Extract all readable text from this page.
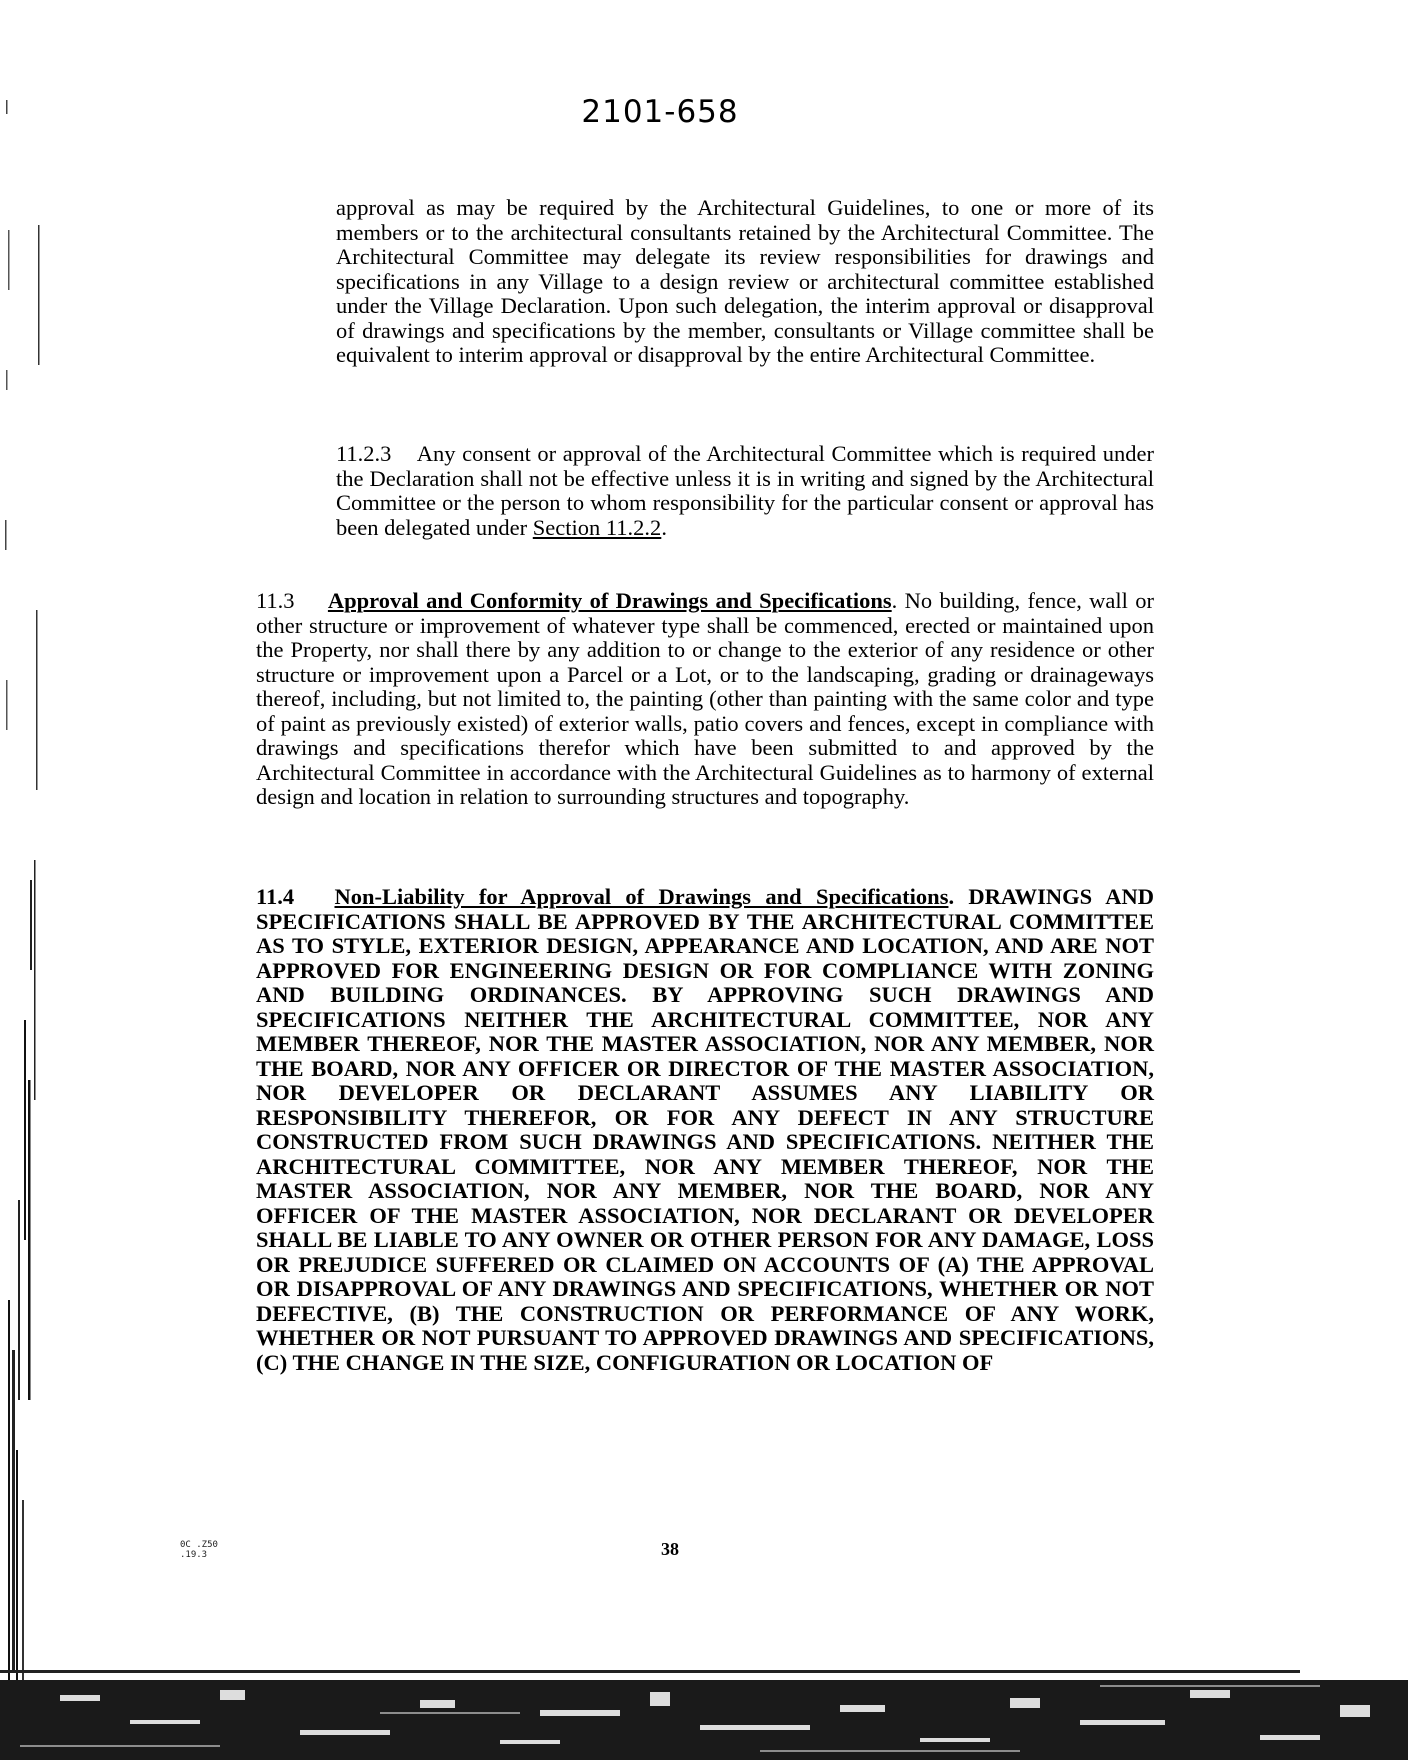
2101-658

approval as may be required by the Architectural Guidelines, to one or more of its members or to the architectural consultants retained by the Architectural Committee. The Architectural Committee may delegate its review responsibilities for drawings and specifications in any Village to a design review or architectural committee established under the Village Declaration. Upon such delegation, the interim approval or disapproval of drawings and specifications by the member, consultants or Village committee shall be equivalent to interim approval or disapproval by the entire Architectural Committee.

11.2.3 Any consent or approval of the Architectural Committee which is required under the Declaration shall not be effective unless it is in writing and signed by the Architectural Committee or the person to whom responsibility for the particular consent or approval has been delegated under Section 11.2.2.

11.3 Approval and Conformity of Drawings and Specifications. No building, fence, wall or other structure or improvement of whatever type shall be commenced, erected or maintained upon the Property, nor shall there by any addition to or change to the exterior of any residence or other structure or improvement upon a Parcel or a Lot, or to the landscaping, grading or drainageways thereof, including, but not limited to, the painting (other than painting with the same color and type of paint as previously existed) of exterior walls, patio covers and fences, except in compliance with drawings and specifications therefor which have been submitted to and approved by the Architectural Committee in accordance with the Architectural Guidelines as to harmony of external design and location in relation to surrounding structures and topography.

11.4 Non-Liability for Approval of Drawings and Specifications. DRAWINGS AND SPECIFICATIONS SHALL BE APPROVED BY THE ARCHITECTURAL COMMITTEE AS TO STYLE, EXTERIOR DESIGN, APPEARANCE AND LOCATION, AND ARE NOT APPROVED FOR ENGINEERING DESIGN OR FOR COMPLIANCE WITH ZONING AND BUILDING ORDINANCES. BY APPROVING SUCH DRAWINGS AND SPECIFICATIONS NEITHER THE ARCHITECTURAL COMMITTEE, NOR ANY MEMBER THEREOF, NOR THE MASTER ASSOCIATION, NOR ANY MEMBER, NOR THE BOARD, NOR ANY OFFICER OR DIRECTOR OF THE MASTER ASSOCIATION, NOR DEVELOPER OR DECLARANT ASSUMES ANY LIABILITY OR RESPONSIBILITY THEREFOR, OR FOR ANY DEFECT IN ANY STRUCTURE CONSTRUCTED FROM SUCH DRAWINGS AND SPECIFICATIONS. NEITHER THE ARCHITECTURAL COMMITTEE, NOR ANY MEMBER THEREOF, NOR THE MASTER ASSOCIATION, NOR ANY MEMBER, NOR THE BOARD, NOR ANY OFFICER OF THE MASTER ASSOCIATION, NOR DECLARANT OR DEVELOPER SHALL BE LIABLE TO ANY OWNER OR OTHER PERSON FOR ANY DAMAGE, LOSS OR PREJUDICE SUFFERED OR CLAIMED ON ACCOUNTS OF (A) THE APPROVAL OR DISAPPROVAL OF ANY DRAWINGS AND SPECIFICATIONS, WHETHER OR NOT DEFECTIVE, (B) THE CONSTRUCTION OR PERFORMANCE OF ANY WORK, WHETHER OR NOT PURSUANT TO APPROVED DRAWINGS AND SPECIFICATIONS, (C) THE CHANGE IN THE SIZE, CONFIGURATION OR LOCATION OF

0C .Z50
.19.3	38
